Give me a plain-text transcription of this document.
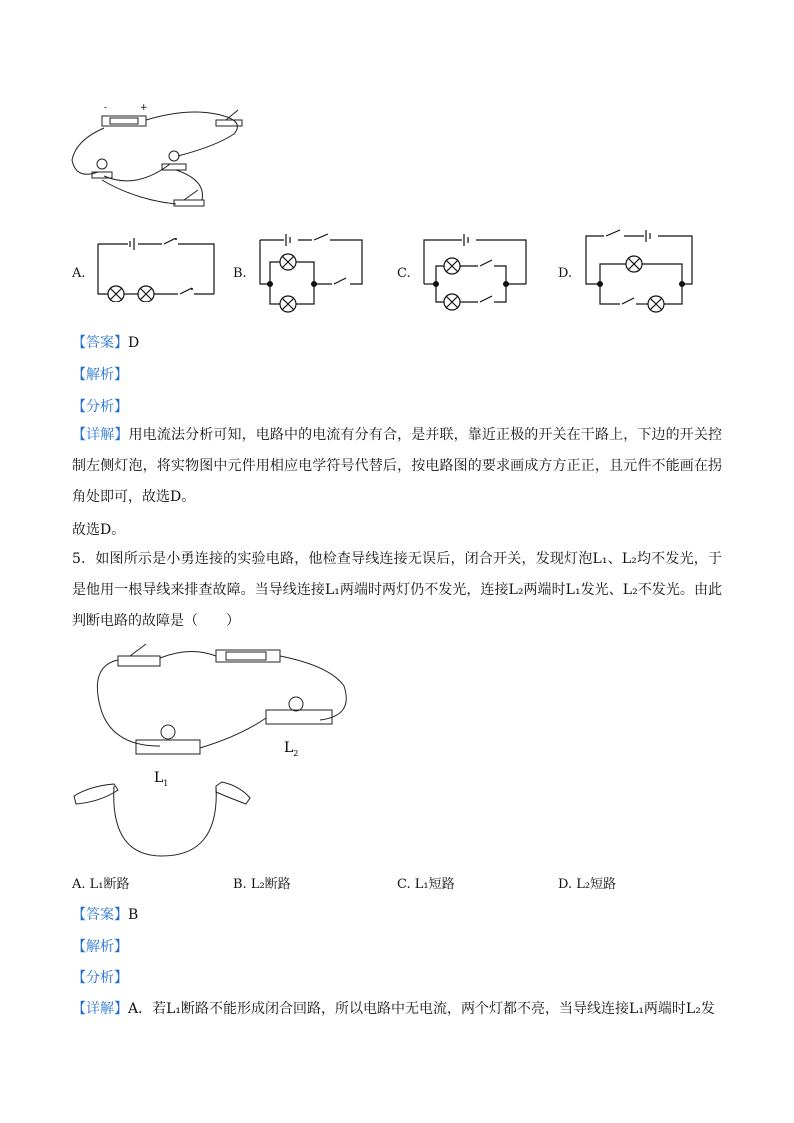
-	+
A.	B.	C.	D.
【答案】D
【解析】
【分析】
【详解】用电流法分析可知，电路中的电流有分有合，是并联，靠近正极的开关在干路上，下边的开关控制左侧灯泡，将实物图中元件用相应电学符号代替后，按电路图的要求画成方方正正，且元件不能画在拐角处即可，故选D。
故选D。
5．如图所示是小勇连接的实验电路，他检查导线连接无误后，闭合开关，发现灯泡L₁、L₂均不发光，于是他用一根导线来排查故障。当导线连接L₁两端时两灯仍不发光，连接L₂两端时L₁发光、L₂不发光。由此判断电路的故障是（　　）
$L_1$
$L_2$
A. L₁断路	B. L₂断路	C. L₁短路	D. L₂短路
【答案】B
【解析】
【分析】
【详解】A．若L₁断路不能形成闭合回路，所以电路中无电流，两个灯都不亮，当导线连接L₁两端时L₂发
